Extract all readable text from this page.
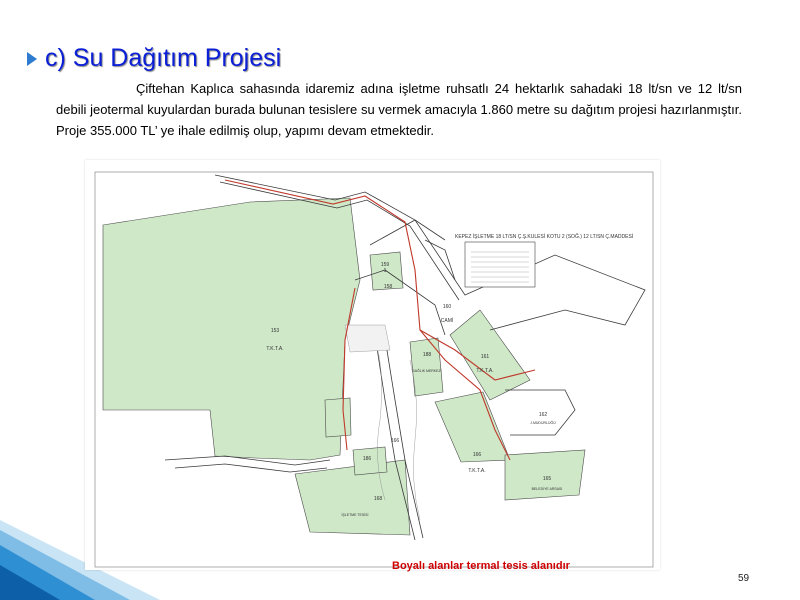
c) Su Dağıtım Projesi
Çiftehan Kaplıca sahasında idaremiz adına işletme ruhsatlı 24 hektarlık sahadaki 18 lt/sn ve 12 lt/sn debili jeotermal kuyulardan burada bulunan tesislere su vermek amacıyla 1.860 metre su dağıtım projesi hazırlanmıştır. Proje 355.000 TL’ ye ihale edilmiş olup, yapımı devam etmektedir.
KEPEZ İŞLETME 18 LT/SN Ç.Ş.KULESİ KOTU 2 (SOĞ.) 12 LT/SN Ç.MADDESİ
153
T.K.T.A.
159
1
158
160
CAMİ
188
SAĞLIK MERKEZİ
161
T.K.T.A.
162
J.MÜDÜRLÜĞÜ
166
T.K.T.A.
165
BELEDİYE ARSASI
168
İŞLETME TESİSİ
166
186
Boyalı alanlar termal tesis alanıdır
59
